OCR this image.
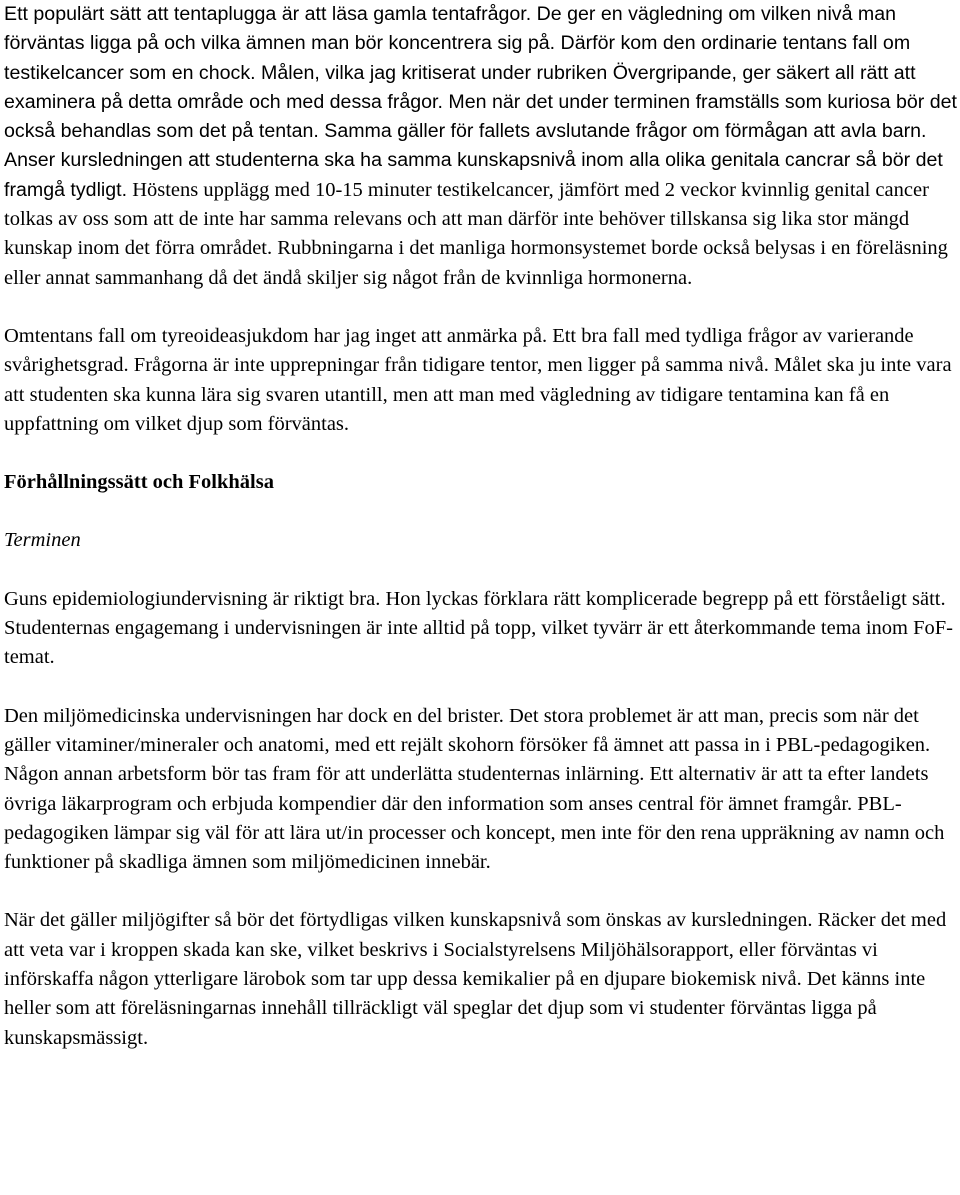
Ett populärt sätt att tentaplugga är att läsa gamla tentafrågor. De ger en vägledning om vilken nivå man förväntas ligga på och vilka ämnen man bör koncentrera sig på. Därför kom den ordinarie tentans fall om testikelcancer som en chock. Målen, vilka jag kritiserat under rubriken Övergripande, ger säkert all rätt att examinera på detta område och med dessa frågor. Men när det under terminen framställs som kuriosa bör det också behandlas som det på tentan. Samma gäller för fallets avslutande frågor om förmågan att avla barn. Anser kursledningen att studenterna ska ha samma kunskapsnivå inom alla olika genitala cancrar så bör det framgå tydligt. Höstens upplägg med 10-15 minuter testikelcancer, jämfört med 2 veckor kvinnlig genital cancer tolkas av oss som att de inte har samma relevans och att man därför inte behöver tillskansa sig lika stor mängd kunskap inom det förra området. Rubbningarna i det manliga hormonsystemet borde också belysas i en föreläsning eller annat sammanhang då det ändå skiljer sig något från de kvinnliga hormonerna.

Omtentans fall om tyreoideasjukdom har jag inget att anmärka på. Ett bra fall med tydliga frågor av varierande svårighetsgrad. Frågorna är inte upprepningar från tidigare tentor, men ligger på samma nivå. Målet ska ju inte vara att studenten ska kunna lära sig svaren utantill, men att man med vägledning av tidigare tentamina kan få en uppfattning om vilket djup som förväntas.

Förhållningssätt och Folkhälsa

Terminen

Guns epidemiologiundervisning är riktigt bra. Hon lyckas förklara rätt komplicerade begrepp på ett förståeligt sätt. Studenternas engagemang i undervisningen är inte alltid på topp, vilket tyvärr är ett återkommande tema inom FoF-temat.

Den miljömedicinska undervisningen har dock en del brister. Det stora problemet är att man, precis som när det gäller vitaminer/mineraler och anatomi, med ett rejält skohorn försöker få ämnet att passa in i PBL-pedagogiken. Någon annan arbetsform bör tas fram för att underlätta studenternas inlärning. Ett alternativ är att ta efter landets övriga läkarprogram och erbjuda kompendier där den information som anses central för ämnet framgår. PBL-pedagogiken lämpar sig väl för att lära ut/in processer och koncept, men inte för den rena uppräkning av namn och funktioner på skadliga ämnen som miljömedicinen innebär.

När det gäller miljögifter så bör det förtydligas vilken kunskapsnivå som önskas av kursledningen. Räcker det med att veta var i kroppen skada kan ske, vilket beskrivs i Socialstyrelsens Miljöhälsorapport, eller förväntas vi införskaffa någon ytterligare lärobok som tar upp dessa kemikalier på en djupare biokemisk nivå. Det känns inte heller som att föreläsningarnas innehåll tillräckligt väl speglar det djup som vi studenter förväntas ligga på kunskapsmässigt.
